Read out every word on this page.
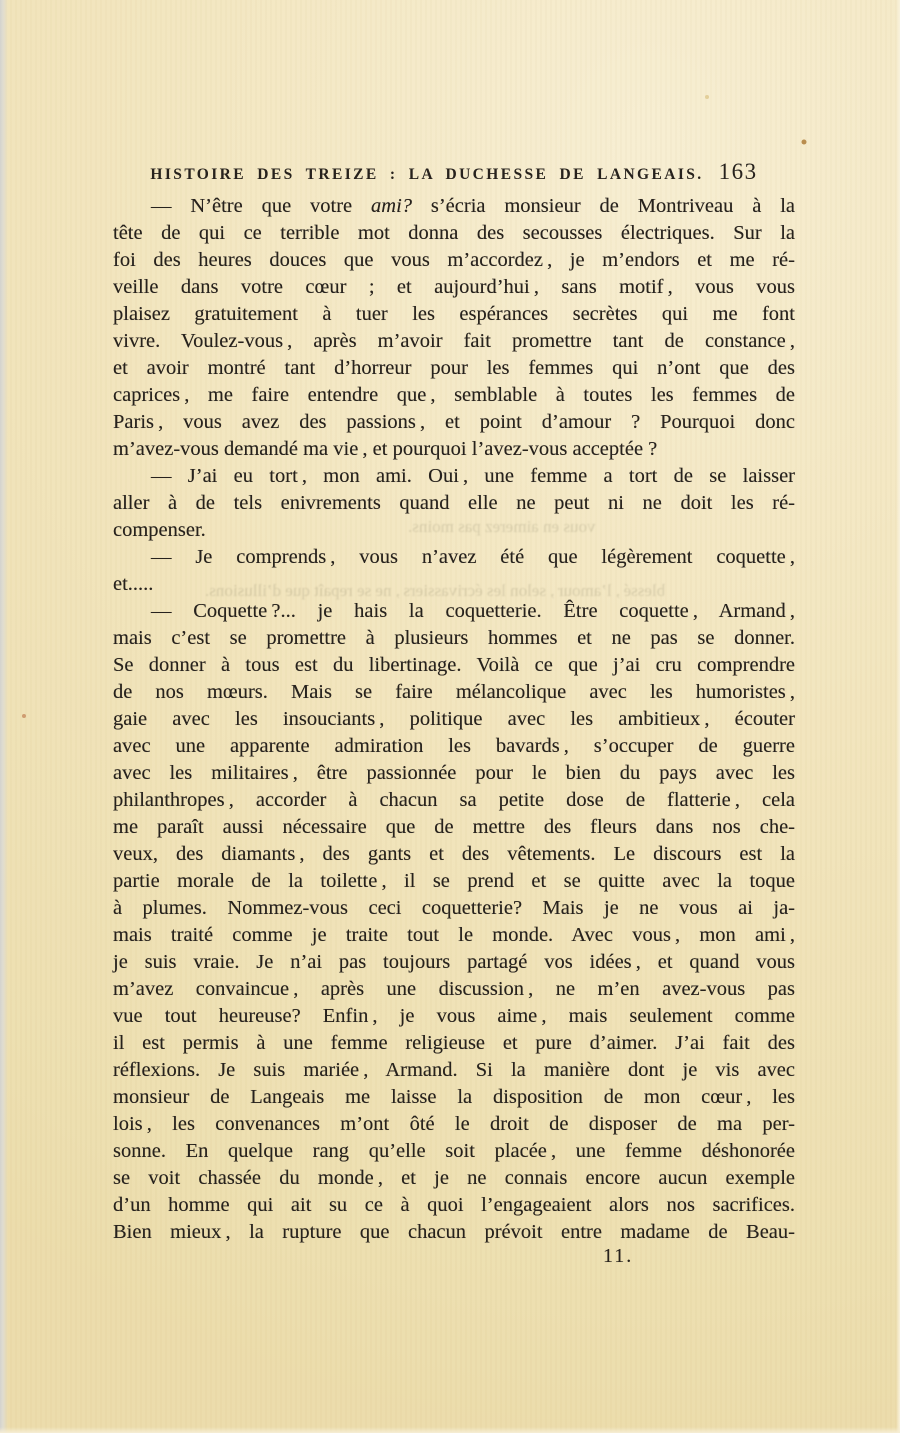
HISTOIRE DES TREIZE : LA DUCHESSE DE LANGEAIS. 163
— N’être que votre ami? s’écria monsieur de Montriveau à la
tête de qui ce terrible mot donna des secousses électriques. Sur la
foi des heures douces que vous m’accordez , je m’endors et me ré-
veille dans votre cœur ; et aujourd’hui , sans motif , vous vous
plaisez gratuitement à tuer les espérances secrètes qui me font
vivre. Voulez-vous , après m’avoir fait promettre tant de constance ,
et avoir montré tant d’horreur pour les femmes qui n’ont que des
caprices , me faire entendre que , semblable à toutes les femmes de
Paris , vous avez des passions , et point d’amour ? Pourquoi donc
m’avez-vous demandé ma vie , et pourquoi l’avez-vous acceptée ?
— J’ai eu tort , mon ami. Oui , une femme a tort de se laisser
aller à de tels enivrements quand elle ne peut ni ne doit les ré-
compenser.
— Je comprends , vous n’avez été que légèrement coquette ,
et.....
— Coquette ?... je hais la coquetterie. Être coquette , Armand ,
mais c’est se promettre à plusieurs hommes et ne pas se donner.
Se donner à tous est du libertinage. Voilà ce que j’ai cru comprendre
de nos mœurs. Mais se faire mélancolique avec les humoristes ,
gaie avec les insouciants , politique avec les ambitieux , écouter
avec une apparente admiration les bavards , s’occuper de guerre
avec les militaires , être passionnée pour le bien du pays avec les
philanthropes , accorder à chacun sa petite dose de flatterie , cela
me paraît aussi nécessaire que de mettre des fleurs dans nos che-
veux, des diamants , des gants et des vêtements. Le discours est la
partie morale de la toilette , il se prend et se quitte avec la toque
à plumes. Nommez-vous ceci coquetterie? Mais je ne vous ai ja-
mais traité comme je traite tout le monde. Avec vous , mon ami ,
je suis vraie. Je n’ai pas toujours partagé vos idées , et quand vous
m’avez convaincue , après une discussion , ne m’en avez-vous pas
vue tout heureuse? Enfin , je vous aime , mais seulement comme
il est permis à une femme religieuse et pure d’aimer. J’ai fait des
réflexions. Je suis mariée , Armand. Si la manière dont je vis avec
monsieur de Langeais me laisse la disposition de mon cœur , les
lois , les convenances m’ont ôté le droit de disposer de ma per-
sonne. En quelque rang qu’elle soit placée , une femme déshonorée
se voit chassée du monde , et je ne connais encore aucun exemple
d’un homme qui ait su ce à quoi l’engageaient alors nos sacrifices.
Bien mieux , la rupture que chacun prévoit entre madame de Beau-
11.
vous en aimerez pas moins.
blessé , l’amour , selon les écrivassiers , ne se repaît que d’illusions.
